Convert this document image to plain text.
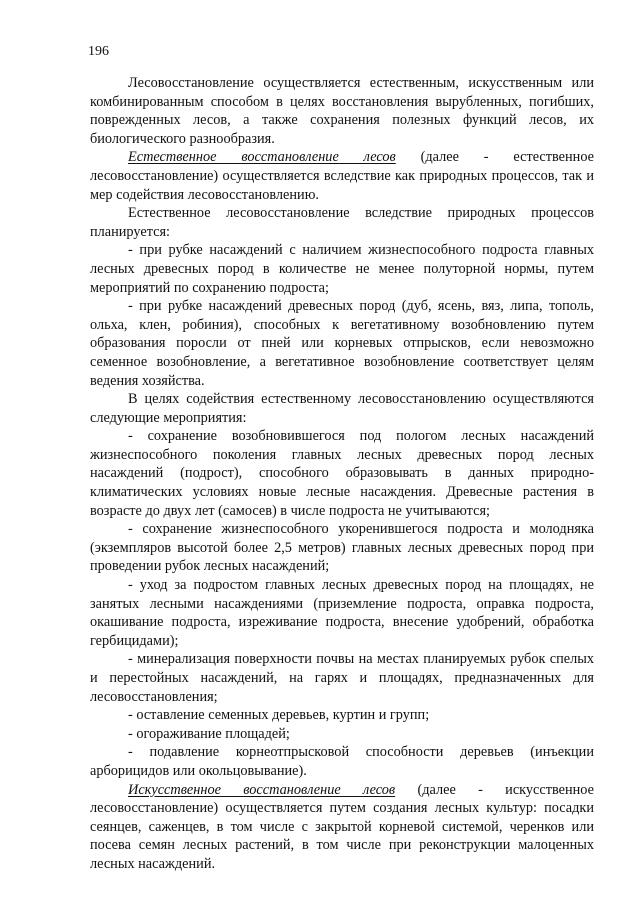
196

Лесовосстановление осуществляется естественным, искусственным или комбинированным способом в целях восстановления вырубленных, погибших, поврежденных лесов, а также сохранения полезных функций лесов, их биологического разнообразия.

Естественное восстановление лесов (далее - естественное лесовосстановление) осуществляется вследствие как природных процессов, так и мер содействия лесовосстановлению.

Естественное лесовосстановление вследствие природных процессов планируется:

- при рубке насаждений с наличием жизнеспособного подроста главных лесных древесных пород в количестве не менее полуторной нормы, путем мероприятий по сохранению подроста;

- при рубке насаждений древесных пород (дуб, ясень, вяз, липа, тополь, ольха, клен, робиния), способных к вегетативному возобновлению путем образования поросли от пней или корневых отпрысков, если невозможно семенное возобновление, а вегетативное возобновление соответствует целям ведения хозяйства.

В целях содействия естественному лесовосстановлению осуществляются следующие мероприятия:

- сохранение возобновившегося под пологом лесных насаждений жизнеспособного поколения главных лесных древесных пород лесных насаждений (подрост), способного образовывать в данных природно-климатических условиях новые лесные насаждения. Древесные растения в возрасте до двух лет (самосев) в числе подроста не учитываются;

- сохранение жизнеспособного укоренившегося подроста и молодняка (экземпляров высотой более 2,5 метров) главных лесных древесных пород при проведении рубок лесных насаждений;

- уход за подростом главных лесных древесных пород на площадях, не занятых лесными насаждениями (приземление подроста, оправка подроста, окашивание подроста, изреживание подроста, внесение удобрений, обработка гербицидами);

- минерализация поверхности почвы на местах планируемых рубок спелых и перестойных насаждений, на гарях и площадях, предназначенных для лесовосстановления;

- оставление семенных деревьев, куртин и групп;

- огораживание площадей;

- подавление корнеотпрысковой способности деревьев (инъекции арборицидов или окольцовывание).

Искусственное восстановление лесов (далее - искусственное лесовосстановление) осуществляется путем создания лесных культур: посадки сеянцев, саженцев, в том числе с закрытой корневой системой, черенков или посева семян лесных растений, в том числе при реконструкции малоценных лесных насаждений.
